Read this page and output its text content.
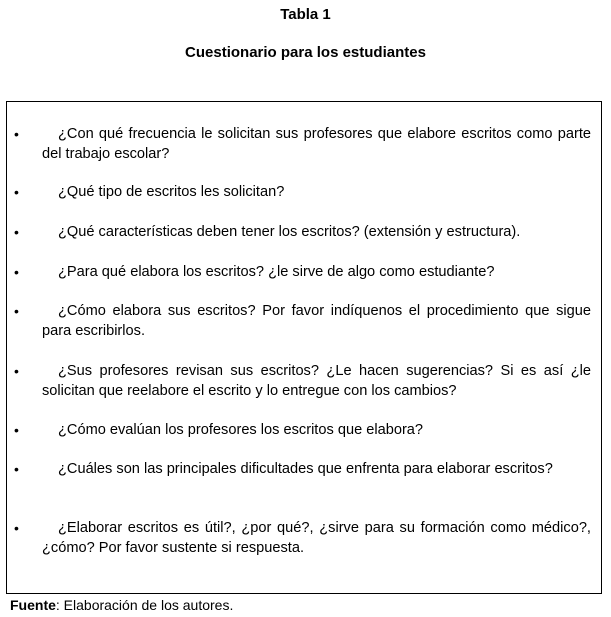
Tabla 1
Cuestionario para los estudiantes
•	¿Con qué frecuencia le solicitan sus profesores que elabore escritos como parte del trabajo escolar?
•	¿Qué tipo de escritos les solicitan?
•	¿Qué características deben tener los escritos? (extensión y estructura).
•	¿Para qué elabora los escritos? ¿le sirve de algo como estudiante?
•	¿Cómo elabora sus escritos? Por favor indíquenos el procedimiento que sigue para escribirlos.
•	¿Sus profesores revisan sus escritos? ¿Le hacen sugerencias? Si es así ¿le solicitan que reelabore el escrito y lo entregue con los cambios?
•	¿Cómo evalúan los profesores los escritos que elabora?
•	¿Cuáles son las principales dificultades que enfrenta para elaborar escritos?
•	¿Elaborar escritos es útil?, ¿por qué?, ¿sirve para su formación como médico?, ¿cómo? Por favor sustente si respuesta.

Fuente: Elaboración de los autores.
